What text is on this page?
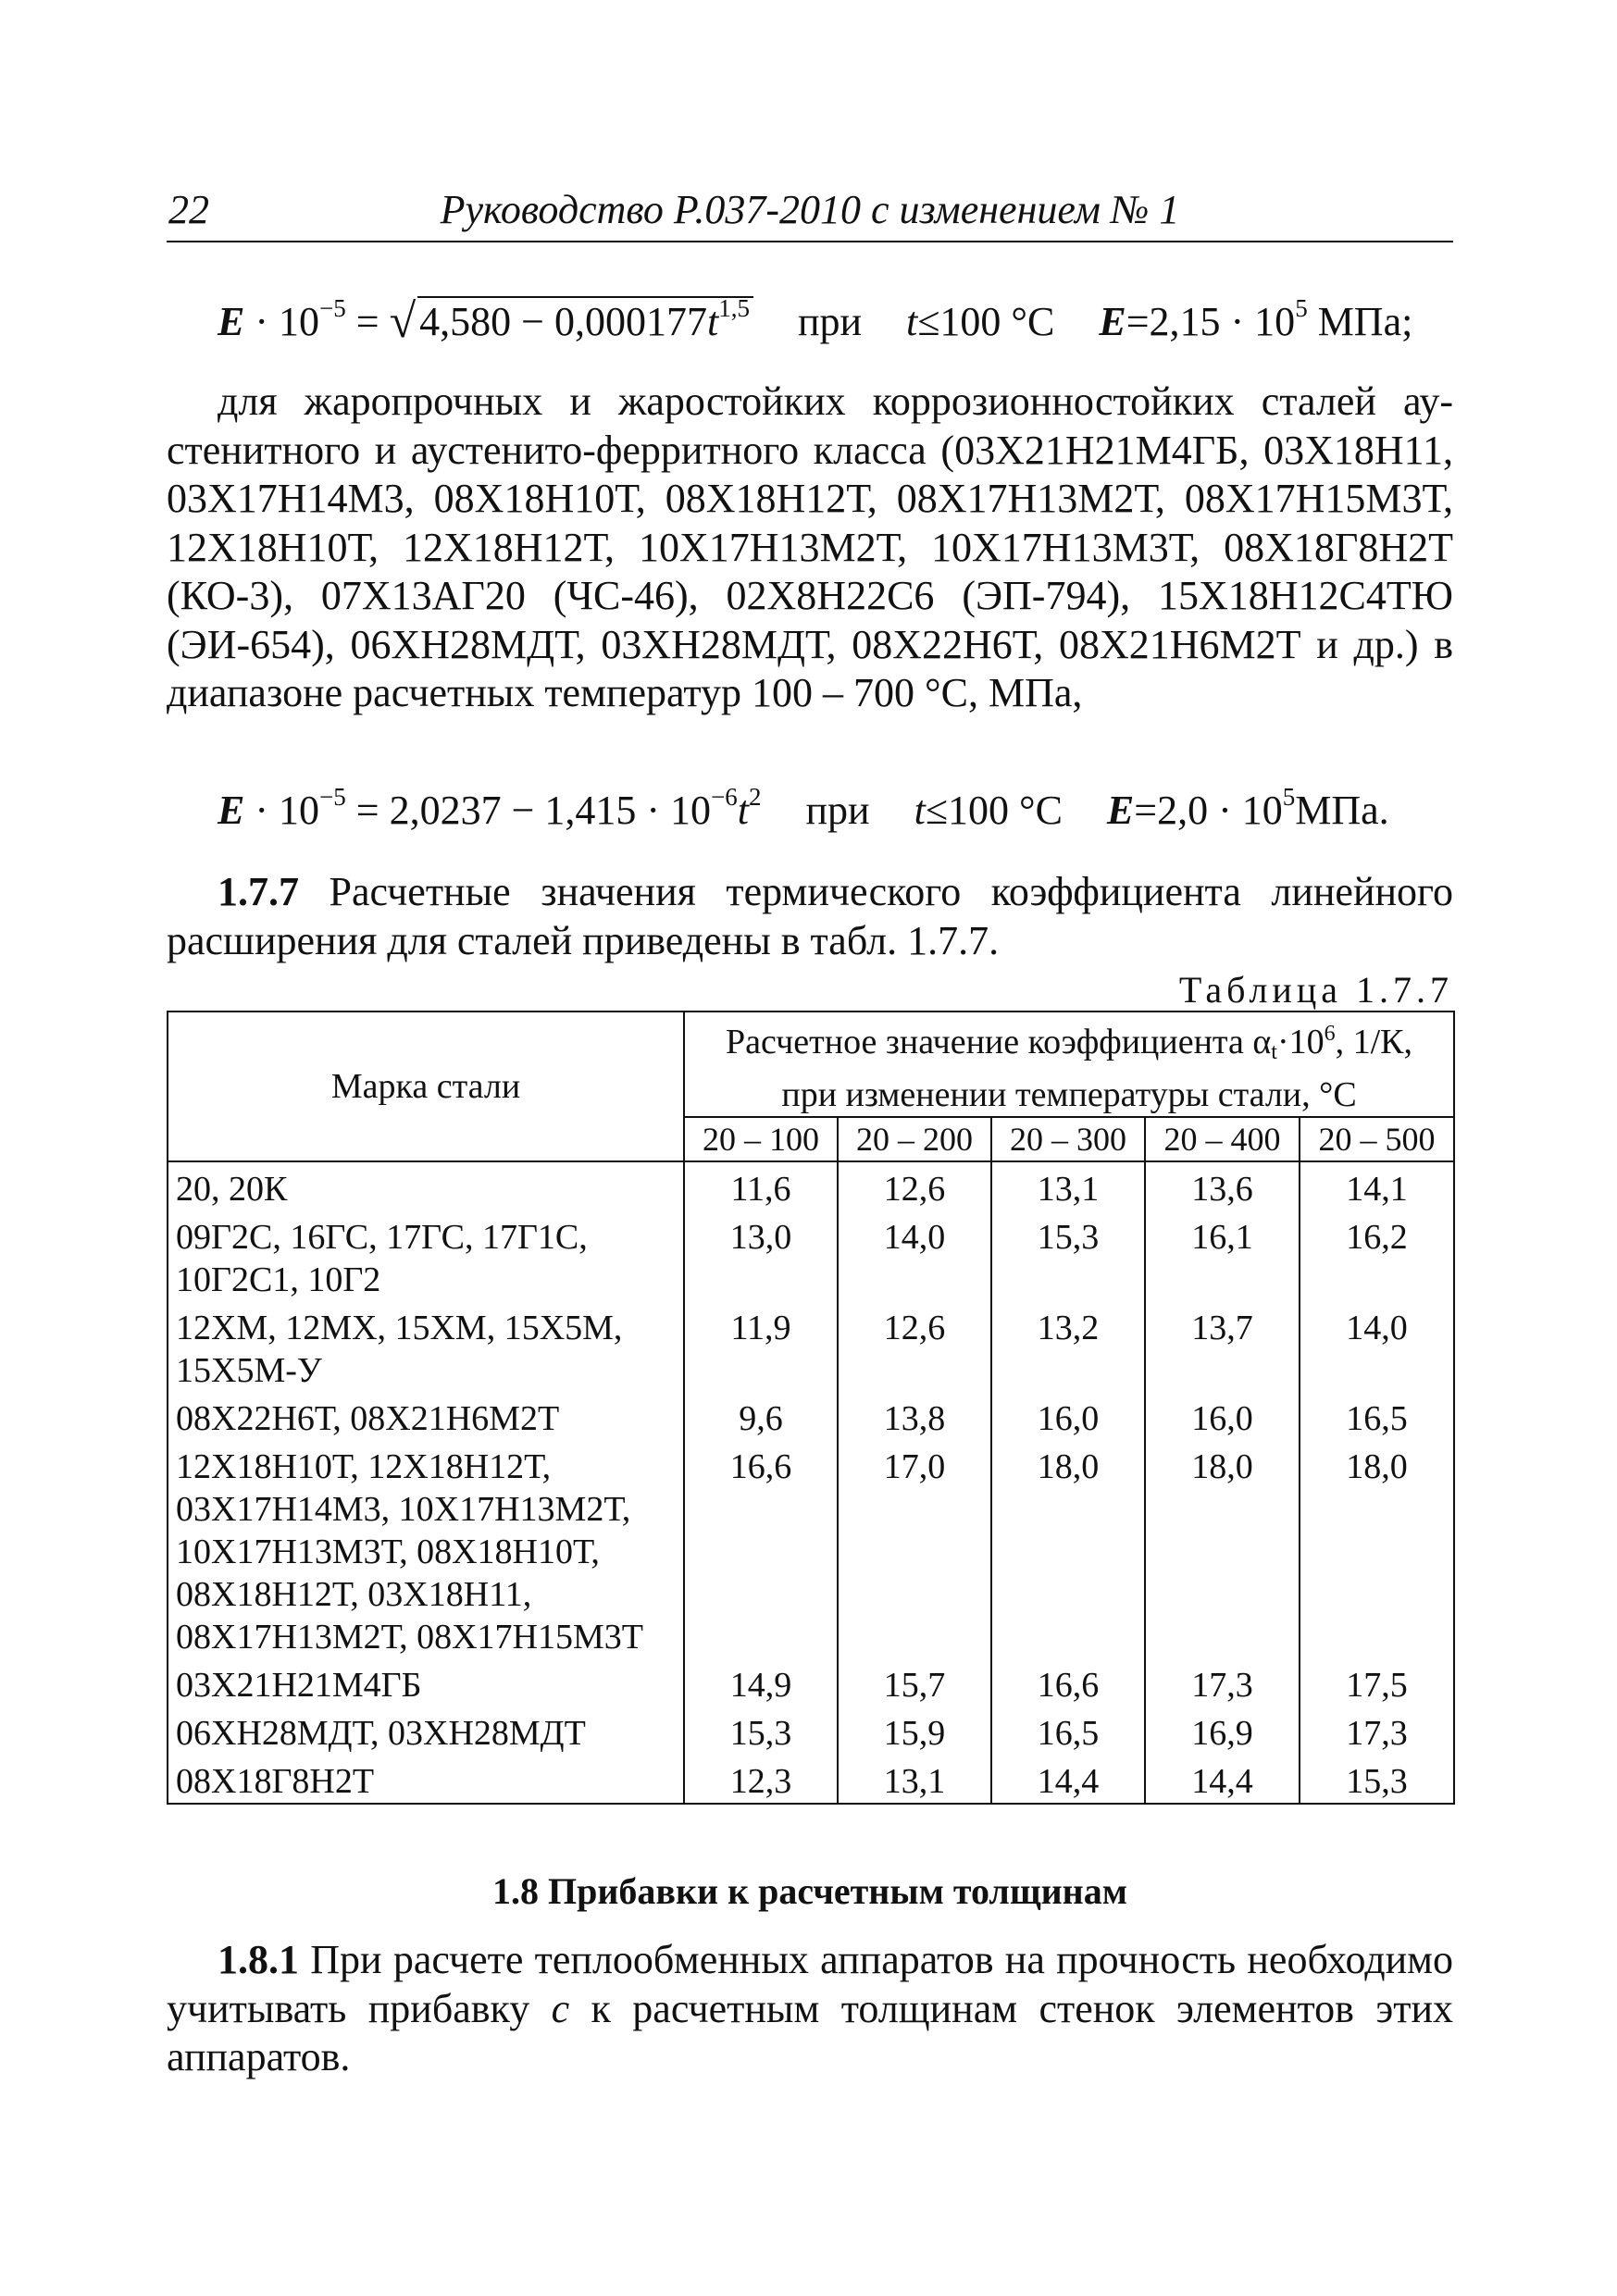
22	Руководство Р.037-2010 с изменением № 1
$E \cdot 10^{-5} = √4,580 - 0,000177t^{1,5}$ при t≤100 °C $E=2,15 \cdot 10^5$ МПа;
для жаропрочных и жаростойких коррозионностойких сталей аустенитного и аустенито-ферритного класса (03Х21Н21М4ГБ, 03Х18Н11, 03Х17Н14М3, 08Х18Н10Т, 08Х18Н12Т, 08Х17Н13М2Т, 08Х17Н15М3Т, 12Х18Н10Т, 12Х18Н12Т, 10Х17Н13М2Т, 10Х17Н13М3Т, 08Х18Г8Н2Т (КО-3), 07Х13АГ20 (ЧС-46), 02Х8Н22С6 (ЭП-794), 15Х18Н12С4ТЮ (ЭИ-654), 06ХН28МДТ, 03ХН28МДТ, 08Х22Н6Т, 08Х21Н6М2Т и др.) в диапазоне расчетных температур 100 – 700 °С, МПа,
$E \cdot 10^{-5} = 2,0237 - 1,415 \cdot 10^{-6}t^2$ при t≤100 °C $E=2,0 \cdot 10^5МПа$.
1.7.7 Расчетные значения термического коэффициента линейного расширения для сталей приведены в табл. 1.7.7.
Таблица 1.7.7
Марка стали	Расчетное значение коэффициента $\alpha t\cdot 10^6$, 1/К,
при изменении температуры стали, °С				
	20 – 100	20 – 200	20 – 300	20 – 400	20 – 500
20, 20К	11,6	12,6	13,1	13,6	14,1
09Г2С, 16ГС, 17ГС, 17Г1С, 10Г2С1, 10Г2	13,0	14,0	15,3	16,1	16,2
12ХМ, 12МХ, 15ХМ, 15Х5М, 15Х5М-У	11,9	12,6	13,2	13,7	14,0
08Х22Н6Т, 08Х21Н6М2Т	9,6	13,8	16,0	16,0	16,5
12Х18Н10Т, 12Х18Н12Т, 03Х17Н14М3, 10Х17Н13М2Т, 10Х17Н13М3Т, 08Х18Н10Т, 08Х18Н12Т, 03Х18Н11, 08Х17Н13М2Т, 08Х17Н15М3Т	16,6	17,0	18,0	18,0	18,0
03Х21Н21М4ГБ	14,9	15,7	16,6	17,3	17,5
06ХН28МДТ, 03ХН28МДТ	15,3	15,9	16,5	16,9	17,3
08Х18Г8Н2Т	12,3	13,1	14,4	14,4	15,3
1.8 Прибавки к расчетным толщинам
1.8.1 При расчете теплообменных аппаратов на прочность необходимо учитывать прибавку с к расчетным толщинам стенок элементов этих аппаратов.
